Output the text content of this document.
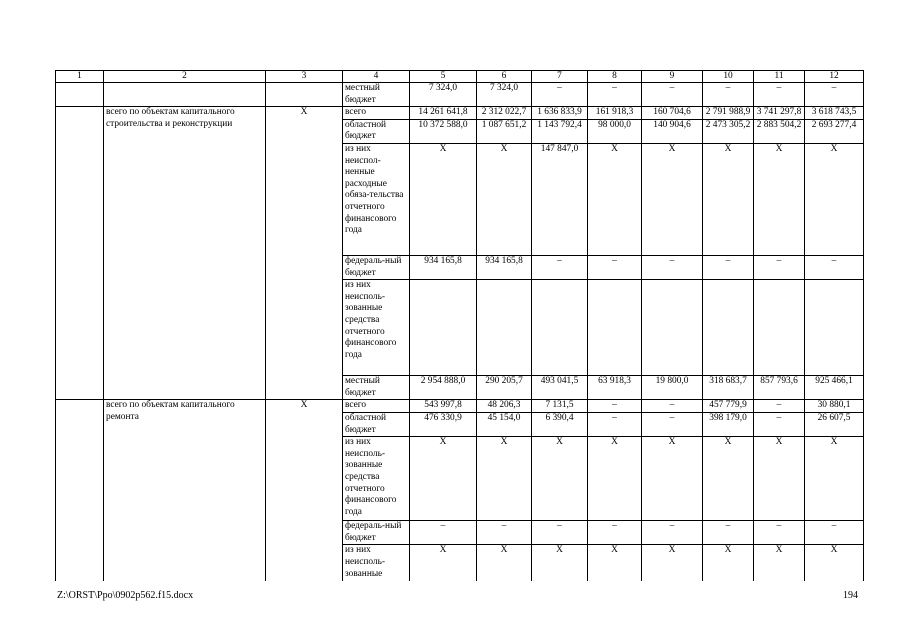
1	2	3	4	5	6	7	8	9	10	11	12
			местный бюджет	7 324,0	7 324,0	–	–	–	–	–	–
	всего по объектам капитального строительства и реконструкции	X	всего	14 261 641,8	2 312 022,7	1 636 833,9	161 918,3	160 704,6	2 791 988,9	3 741 297,8	3 618 743,5
			областной бюджет	10 372 588,0	1 087 651,2	1 143 792,4	98 000,0	140 904,6	2 473 305,2	2 883 504,2	2 693 277,4
			из них неиспол-ненные расходные обяза-тельства отчетного финансового года	X	X	147 847,0	X	X	X	X	X
			федераль-ный бюджет	934 165,8	934 165,8	–	–	–	–	–	–
			из них неисполь-зованные средства отчетного финансового года								
			местный бюджет	2 954 888,0	290 205,7	493 041,5	63 918,3	19 800,0	318 683,7	857 793,6	925 466,1
	всего по объектам капитального ремонта	X	всего	543 997,8	48 206,3	7 131,5	–	–	457 779,9	–	30 880,1
			областной бюджет	476 330,9	45 154,0	6 390,4	–	–	398 179,0	–	26 607,5
			из них неисполь-зованные средства отчетного финансового года	X	X	X	X	X	X	X	X
			федераль-ный бюджет	–	–	–	–	–	–	–	–
			из них неисполь-зованные	X	X	X	X	X	X	X	X
Z:\ORST\Ppo\0902p562.f15.docx	194
